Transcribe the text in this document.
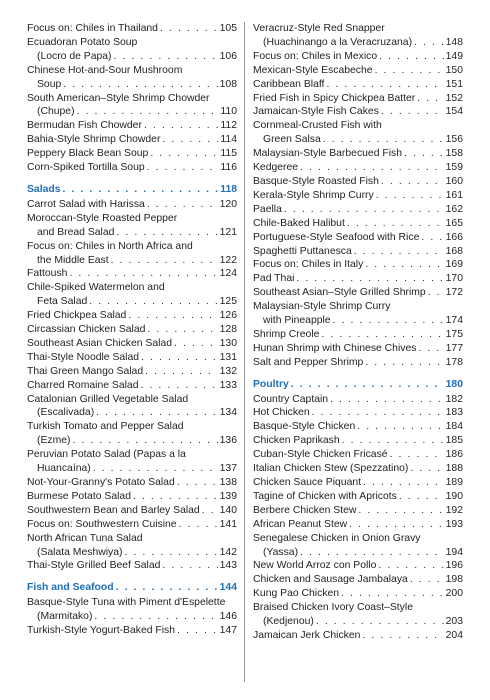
Focus on: Chiles in Thailand . . .	105
Ecuadoran Potato Soup
(Locro de Papa) . . .	106
Chinese Hot-and-Sour Mushroom
Soup . . .	108
South American–Style Shrimp Chowder
(Chupe) . . .	110
Bermudan Fish Chowder . . .	112
Bahia-Style Shrimp Chowder . . .	114
Peppery Black Bean Soup . . .	115
Corn-Spiked Tortilla Soup . . .	116
Salads . . .	118
Carrot Salad with Harissa . . .	120
Moroccan-Style Roasted Pepper
and Bread Salad . . .	121
Focus on: Chiles in North Africa and
the Middle East . . .	122
Fattoush . . .	124
Chile-Spiked Watermelon and
Feta Salad . . .	125
Fried Chickpea Salad . . .	126
Circassian Chicken Salad . . .	128
Southeast Asian Chicken Salad . . .	130
Thai-Style Noodle Salad . . .	131
Thai Green Mango Salad . . .	132
Charred Romaine Salad . . .	133
Catalonian Grilled Vegetable Salad
(Escalivada) . . .	134
Turkish Tomato and Pepper Salad
(Ezme) . . .	136
Peruvian Potato Salad (Papas a la
Huancaína) . . .	137
Not-Your-Granny's Potato Salad . . .	138
Burmese Potato Salad . . .	139
Southwestern Bean and Barley Salad . . . 140
Focus on: Southwestern Cuisine . . .	141
North African Tuna Salad
(Salata Meshwiya) . . .	142
Thai-Style Grilled Beef Salad . . .	143
Fish and Seafood . . .	144
Basque-Style Tuna with Piment d'Espelette
(Marmitako) . . .	146
Turkish-Style Yogurt-Baked Fish . . .	147
Veracruz-Style Red Snapper
(Huachinango a la Veracruzana) . . .	148
Focus on: Chiles in Mexico . . .	149
Mexican-Style Escabeche . . .	150
Caribbean Blaff . . .	151
Fried Fish in Spicy Chickpea Batter . . .	152
Jamaican-Style Fish Cakes . . .	154
Cornmeal-Crusted Fish with
Green Salsa . . .	156
Malaysian-Style Barbecued Fish . . .	158
Kedgeree . . .	159
Basque-Style Roasted Fish . . .	160
Kerala-Style Shrimp Curry . . .	161
Paella . . .	162
Chile-Baked Halibut . . .	165
Portuguese-Style Seafood with Rice . . .	166
Spaghetti Puttanesca . . .	168
Focus on: Chiles in Italy . . .	169
Pad Thai . . .	170
Southeast Asian–Style Grilled Shrimp . . . 172
Malaysian-Style Shrimp Curry
with Pineapple . . .	174
Shrimp Creole . . .	175
Hunan Shrimp with Chinese Chives . . .	177
Salt and Pepper Shrimp . . .	178
Poultry . . .	180
Country Captain . . .	182
Hot Chicken . . .	183
Basque-Style Chicken . . .	184
Chicken Paprikash . . .	185
Cuban-Style Chicken Fricasé . . .	186
Italian Chicken Stew (Spezzatino) . . .	188
Chicken Sauce Piquant . . .	189
Tagine of Chicken with Apricots . . .	190
Berbere Chicken Stew . . .	192
African Peanut Stew . . .	193
Senegalese Chicken in Onion Gravy
(Yassa) . . .	194
New World Arroz con Pollo . . .	196
Chicken and Sausage Jambalaya . . .	198
Kung Pao Chicken . . .	200
Braised Chicken Ivory Coast–Style
(Kedjenou) . . .	203
Jamaican Jerk Chicken . . .	204
